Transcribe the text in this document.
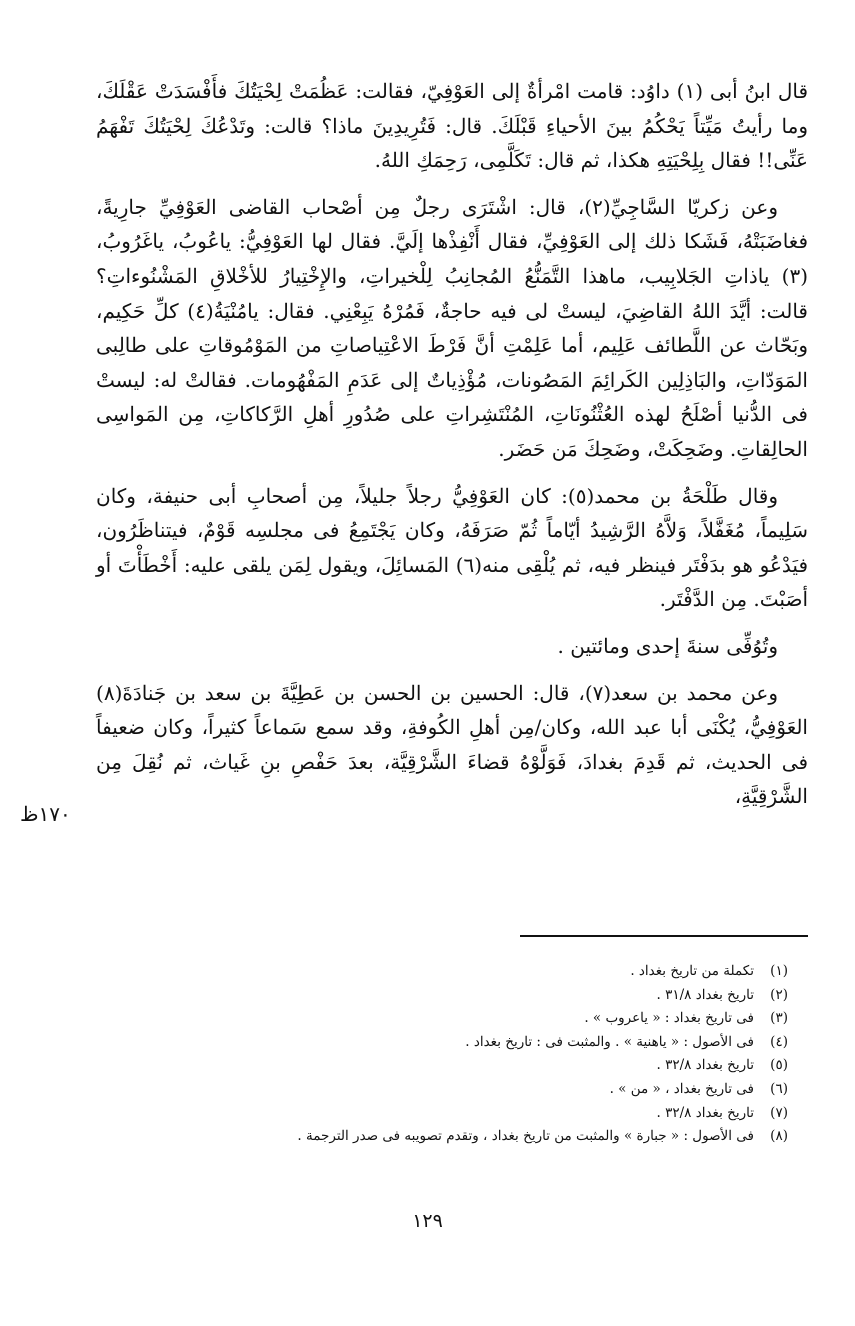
قال ابنُ أبى (١) داوُد: قامت امْرأةٌ إلى العَوْفِيّ، فقالت: عَظُمَتْ لِحْيَتُكَ فأَفْسَدَتْ عَقْلَكَ، وما رأيتُ مَيِّتاً يَحْكُمُ بينَ الأحياءِ قَبْلَكَ. قال: فَتُرِيدِينَ ماذا؟ قالت: وتَدْعُكَ لِحْيَتُكَ تَفْهَمُ عَنِّى!! فقال بِلِحْيَتِهِ هكذا، ثم قال: تَكَلَّمِى، رَحِمَكِ اللهُ.

وعن زكريّا السَّاجِيِّ(٢)، قال: اشْتَرَى رجلٌ مِن أصْحاب القاضى العَوْفِيِّ جارِيةً، فغاضَبَتْهُ، فَشَكا ذلك إلى العَوْفِيِّ، فقال أَنْفِذْها إلَيَّ. فقال لها العَوْفِيُّ: ياعُوبُ، ياغَرُوبُ، (٣) ياذاتِ الجَلابِيب، ماهذا التَّمَنُّعُ المُجانِبُ لِلْخيراتِ، والإِخْتِيارُ للأخْلاقِ المَشْنُوءاتِ؟ قالت: أيَّدَ اللهُ القاضِيَ، ليستْ لى فيه حاجةٌ، فَمُرْهُ يَبِعْنِي. فقال: يامُنْيَةُ(٤) كلِّ حَكِيم، وبَحّاث عن اللَّطائف عَلِيم، أما عَلِمْتِ أنَّ فَرْطَ الاعْتِياصاتِ من المَوْمُوقاتِ على طالِبى المَوَدّاتِ، والبَاذِلِين الكَرائِمَ المَصُونات، مُؤْذِياتٌ إلى عَدَمِ المَفْهُومات. فقالتْ له: ليستْ فى الدُّنيا أصْلَحُ لهذه العُثْنُونَاتِ، المُنْتَشِراتِ على صُدُورِ أهلِ الرَّكاكاتِ، مِن المَواسِى الحالِقاتِ. وضَحِكَتْ، وضَحِكَ مَن حَضَر.

وقال طَلْحَةُ بن محمد(٥): كان العَوْفِيُّ رجلاً جليلاً، مِن أصحابِ أبى حنيفة، وكان سَلِيماً، مُغَفَّلاً، وَلاَّهُ الرَّشِيدُ أيّاماً ثُمّ صَرَفَهُ، وكان يَجْتَمِعُ فى مجلسِه قَوْمٌ، فيتناظَرُون، فيَدْعُو هو بدَفْتَر فينظر فيه، ثم يُلْقِى منه(٦) المَسائِلَ، ويقول لِمَن يلقى عليه: أَخْطَأْتَ أو أصَبْتَ. مِن الدَّفْتَر.

وتُوُفِّى سنةَ إحدى ومائتين .

وعن محمد بن سعد(٧)، قال: الحسين بن الحسن بن عَطِيَّةَ بن سعد بن جَنادَةَ(٨) العَوْفِيُّ، يُكْنَى أبا عبد الله، وكان/مِن أهلِ الكُوفةِ، وقد سمع سَماعاً كثيراً، وكان ضعيفاً فى الحديث، ثم قَدِمَ بغدادَ، فَوَلَّوْهُ قضاءَ الشَّرْقِيَّة، بعدَ حَفْصِ بنِ غَياث، ثم نُقِلَ مِن الشَّرْقِيَّةِ،

١٧٠ظ
(١)تكملة من تاريخ بغداد .
(٢)تاريخ بغداد ٣١/٨ .
(٣)فى تاريخ بغداد : « ياعروب » .
(٤)فى الأصول : « ياهنية » . والمثبت فى : تاريخ بغداد .
(٥)تاريخ بغداد ٣٢/٨ .
(٦)فى تاريخ بغداد ، « من » .
(٧)تاريخ بغداد ٣٢/٨ .
(٨)فى الأصول : « جبارة » والمثبت من تاريخ بغداد ، وتقدم تصويبه فى صدر الترجمة .
١٢٩
